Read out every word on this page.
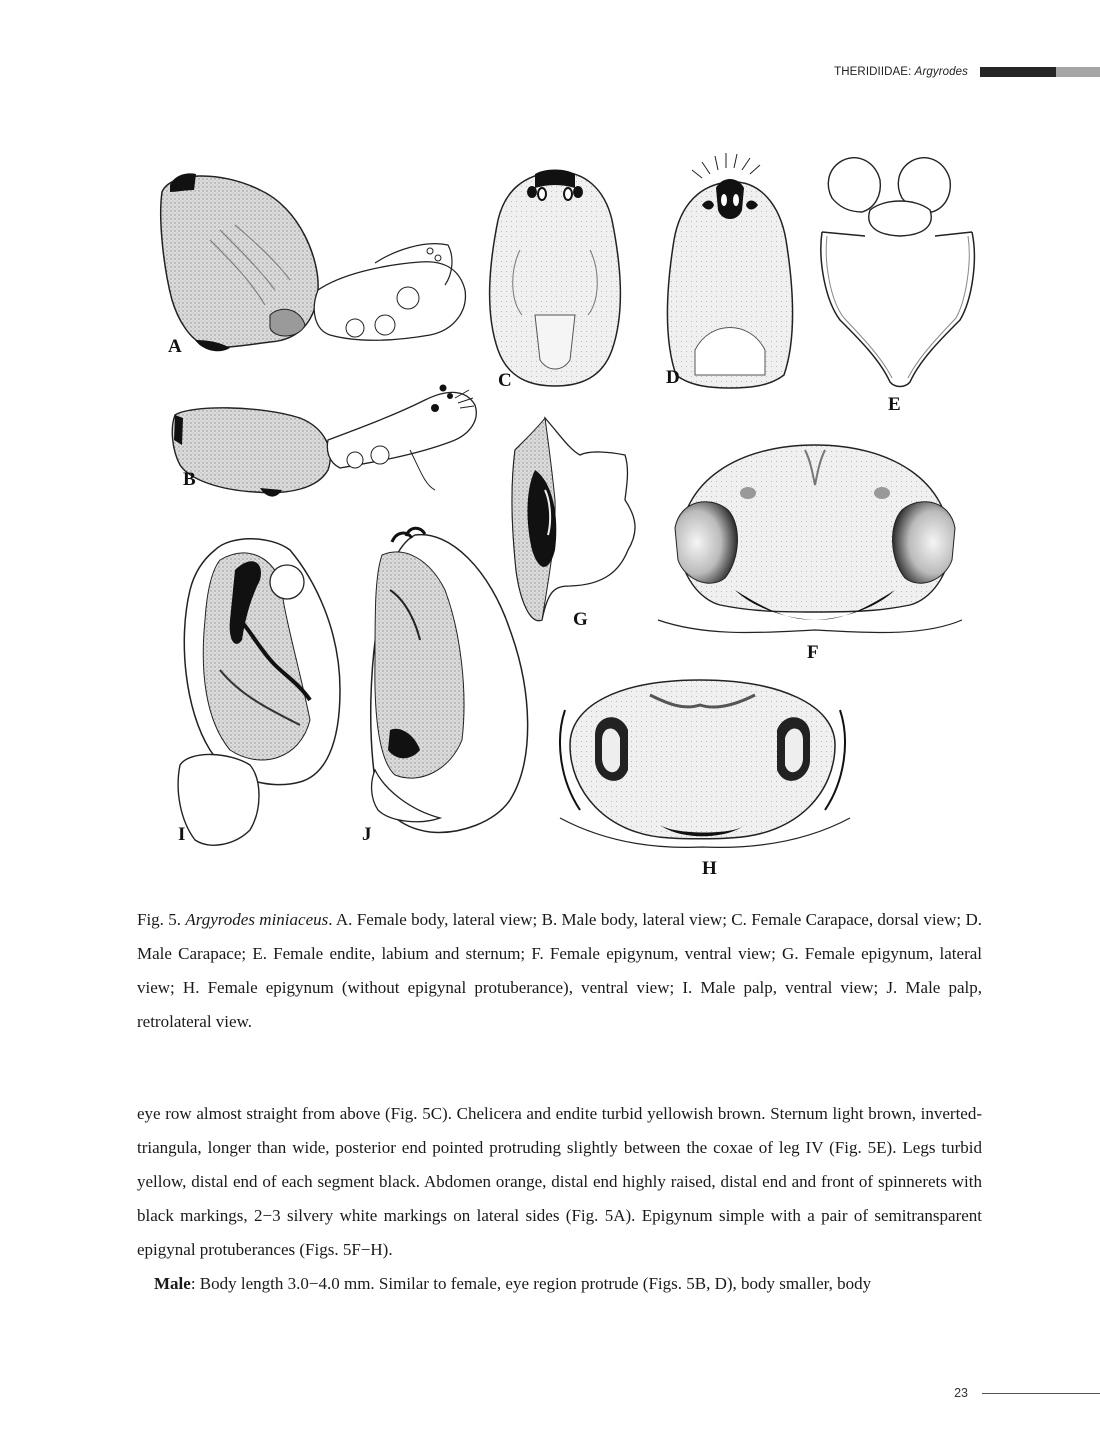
THERIDIIDAE: Argyrodes
A
B
C	D
E
G
F
H
I	J
Fig. 5. Argyrodes miniaceus. A. Female body, lateral view; B. Male body, lateral view; C. Female Carapace, dorsal view; D. Male Carapace; E. Female endite, labium and sternum; F. Female epigynum, ventral view; G. Female epigynum, lateral view; H. Female epigynum (without epigynal protuberance), ventral view; I. Male palp, ventral view; J. Male palp, retrolateral view.

eye row almost straight from above (Fig. 5C). Chelicera and endite turbid yellowish brown. Sternum light brown, inverted-triangula, longer than wide, posterior end pointed protruding slightly between the coxae of leg IV (Fig. 5E). Legs turbid yellow, distal end of each segment black. Abdomen orange, distal end highly raised, distal end and front of spinnerets with black markings, 2−3 silvery white markings on lateral sides (Fig. 5A). Epigynum simple with a pair of semitransparent epigynal protuberances (Figs. 5F−H).

Male: Body length 3.0−4.0 mm. Similar to female, eye region protrude (Figs. 5B, D), body smaller, body

23
